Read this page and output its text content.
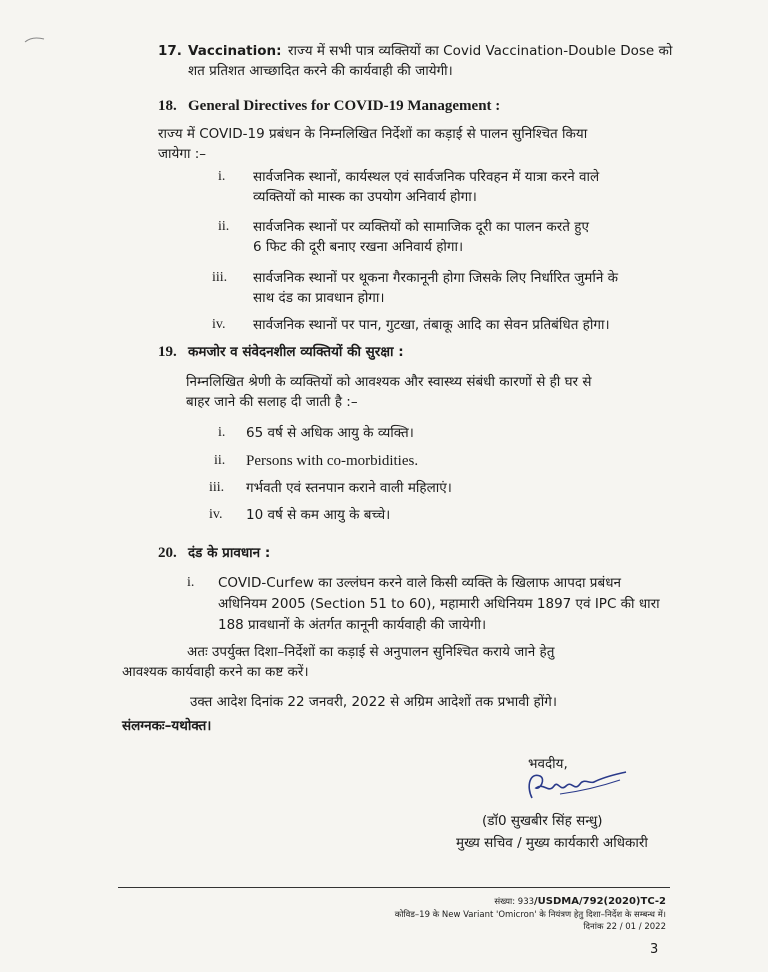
17. Vaccination: राज्य में सभी पात्र व्यक्तियों का Covid Vaccination-Double Dose को
शत प्रतिशत आच्छादित करने की कार्यवाही की जायेगी।
18. General Directives for COVID-19 Management :
राज्य में COVID-19 प्रबंधन के निम्नलिखित निर्देशों का कड़ाई से पालन सुनिश्चित किया
जायेगा :–
i. सार्वजनिक स्थानों, कार्यस्थल एवं सार्वजनिक परिवहन में यात्रा करने वाले
व्यक्तियों को मास्क का उपयोग अनिवार्य होगा।
ii. सार्वजनिक स्थानों पर व्यक्तियों को सामाजिक दूरी का पालन करते हुए
6 फिट की दूरी बनाए रखना अनिवार्य होगा।
iii. सार्वजनिक स्थानों पर थूकना गैरकानूनी होगा जिसके लिए निर्धारित जुर्माने के
साथ दंड का प्रावधान होगा।
iv. सार्वजनिक स्थानों पर पान, गुटखा, तंबाकू आदि का सेवन प्रतिबंधित होगा।
19. कमजोर व संवेदनशील व्यक्तियों की सुरक्षा :
निम्नलिखित श्रेणी के व्यक्तियों को आवश्यक और स्वास्थ्य संबंधी कारणों से ही घर से
बाहर जाने की सलाह दी जाती है :–
i. 65 वर्ष से अधिक आयु के व्यक्ति।
ii. Persons with co-morbidities.
iii. गर्भवती एवं स्तनपान कराने वाली महिलाएं।
iv. 10 वर्ष से कम आयु के बच्चे।
20. दंड के प्रावधान :
i. COVID-Curfew का उल्लंघन करने वाले किसी व्यक्ति के खिलाफ आपदा प्रबंधन
अधिनियम 2005 (Section 51 to 60), महामारी अधिनियम 1897 एवं IPC की धारा
188 प्रावधानों के अंतर्गत कानूनी कार्यवाही की जायेगी।
अतः उपर्युक्त दिशा–निर्देशों का कड़ाई से अनुपालन सुनिश्चित कराये जाने हेतु
आवश्यक कार्यवाही करने का कष्ट करें।
उक्त आदेश दिनांक 22 जनवरी, 2022 से अग्रिम आदेशों तक प्रभावी होंगे।
संलग्नकः–यथोक्त।
भवदीय,
(डॉ0 सुखबीर सिंह सन्धु)
मुख्य सचिव / मुख्य कार्यकारी अधिकारी
संख्या: 933/USDMA/792(2020)TC-2
कोविड–19 के New Variant 'Omicron' के नियंत्रण हेतु दिशा–निर्देश के सम्बन्ध में।
दिनांक 22 / 01 / 2022
3
